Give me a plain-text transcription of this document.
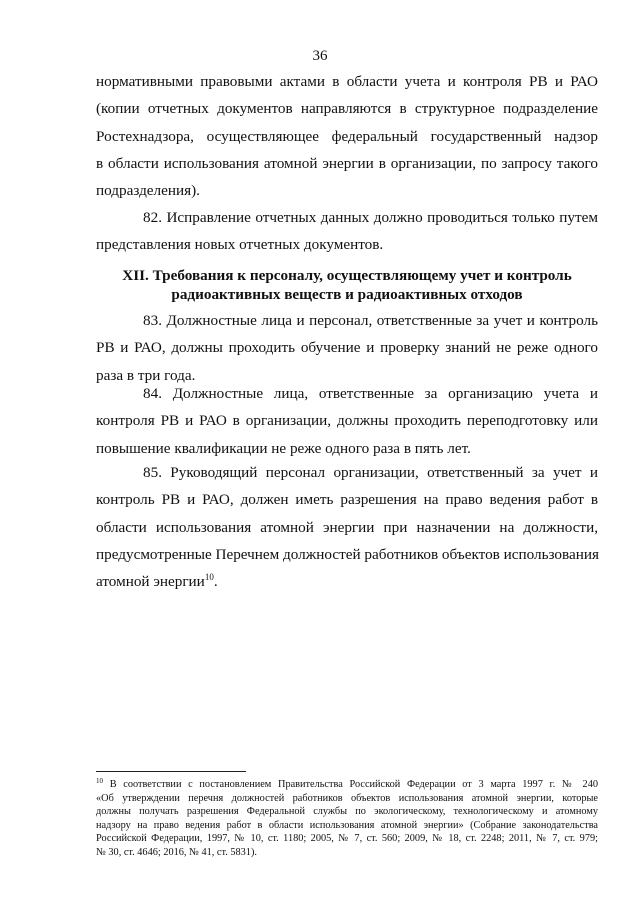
36
нормативными правовыми актами в области учета и контроля РВ и РАО
(копии отчетных документов направляются в структурное подразделение
Ростехнадзора, осуществляющее федеральный государственный надзор
в области использования атомной энергии в организации, по запросу такого
подразделения).
82. Исправление отчетных данных должно проводиться только путем
представления новых отчетных документов.
XII. Требования к персоналу, осуществляющему учет и контроль
радиоактивных веществ и радиоактивных отходов
83. Должностные лица и персонал, ответственные за учет и контроль
РВ и РАО, должны проходить обучение и проверку знаний не реже одного
раза в три года.
84. Должностные лица, ответственные за организацию учета и
контроля РВ и РАО в организации, должны проходить переподготовку или
повышение квалификации не реже одного раза в пять лет.
85. Руководящий персонал организации, ответственный за учет и
контроль РВ и РАО, должен иметь разрешения на право ведения работ в
области использования атомной энергии при назначении на должности,
предусмотренные Перечнем должностей работников объектов использования
атомной энергии$^{10}$.
$^{10}$ В соответствии с постановлением Правительства Российской Федерации от 3 марта 1997 г. № 240
«Об утверждении перечня должностей работников объектов использования атомной энергии, которые
должны получать разрешения Федеральной службы по экологическому, технологическому и атомному
надзору на право ведения работ в области использования атомной энергии» (Собрание законодательства
Российской Федерации, 1997, № 10, ст. 1180; 2005, № 7, ст. 560; 2009, № 18, ст. 2248; 2011, № 7, ст. 979;
№ 30, ст. 4646; 2016, № 41, ст. 5831).
